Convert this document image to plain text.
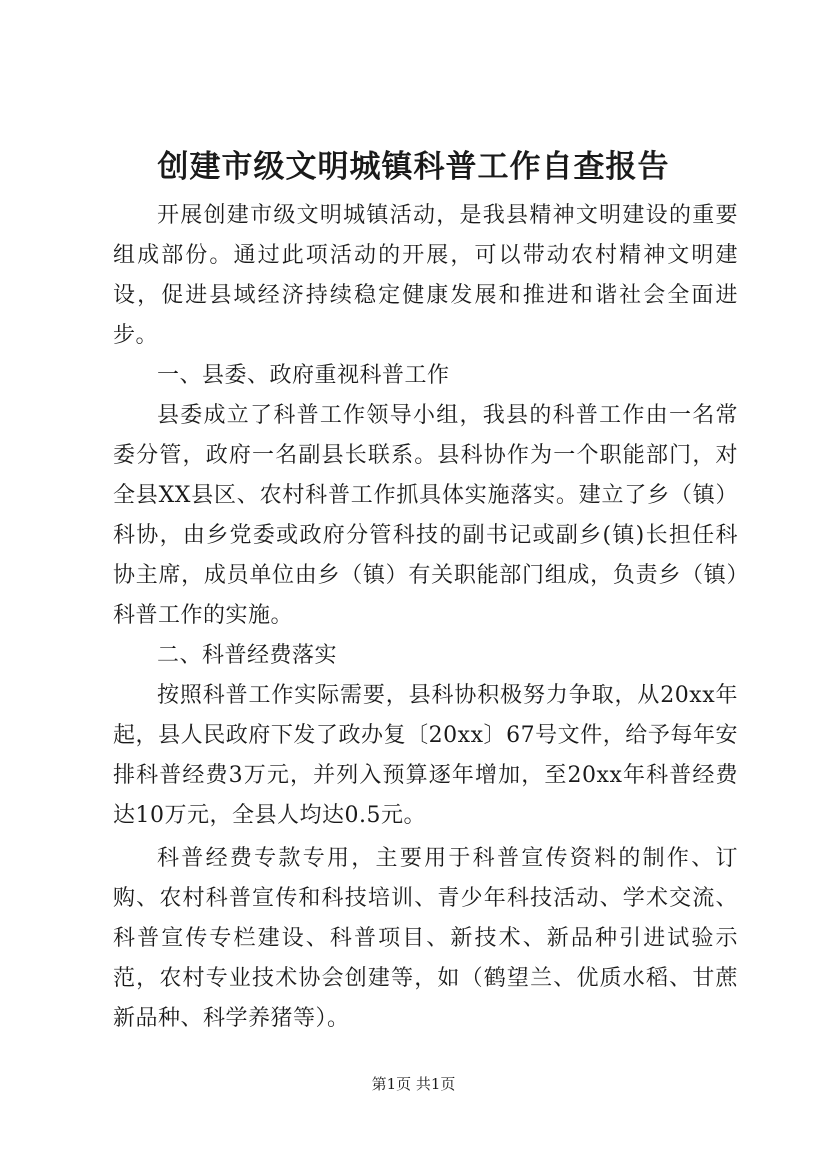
创建市级文明城镇科普工作自查报告

开展创建市级文明城镇活动，是我县精神文明建设的重要组成部份。通过此项活动的开展，可以带动农村精神文明建设，促进县域经济持续稳定健康发展和推进和谐社会全面进步。

一、县委、政府重视科普工作

县委成立了科普工作领导小组，我县的科普工作由一名常委分管，政府一名副县长联系。县科协作为一个职能部门，对全县XX县区、农村科普工作抓具体实施落实。建立了乡（镇）科协，由乡党委或政府分管科技的副书记或副乡(镇)长担任科协主席，成员单位由乡（镇）有关职能部门组成，负责乡（镇）科普工作的实施。

二、科普经费落实

按照科普工作实际需要，县科协积极努力争取，从20xx年起，县人民政府下发了政办复〔20xx〕67号文件，给予每年安排科普经费3万元，并列入预算逐年增加，至20xx年科普经费达10万元，全县人均达0.5元。

科普经费专款专用，主要用于科普宣传资料的制作、订购、农村科普宣传和科技培训、青少年科技活动、学术交流、科普宣传专栏建设、科普项目、新技术、新品种引进试验示范，农村专业技术协会创建等，如（鹤望兰、优质水稻、甘蔗新品种、科学养猪等）。

第1页 共1页
